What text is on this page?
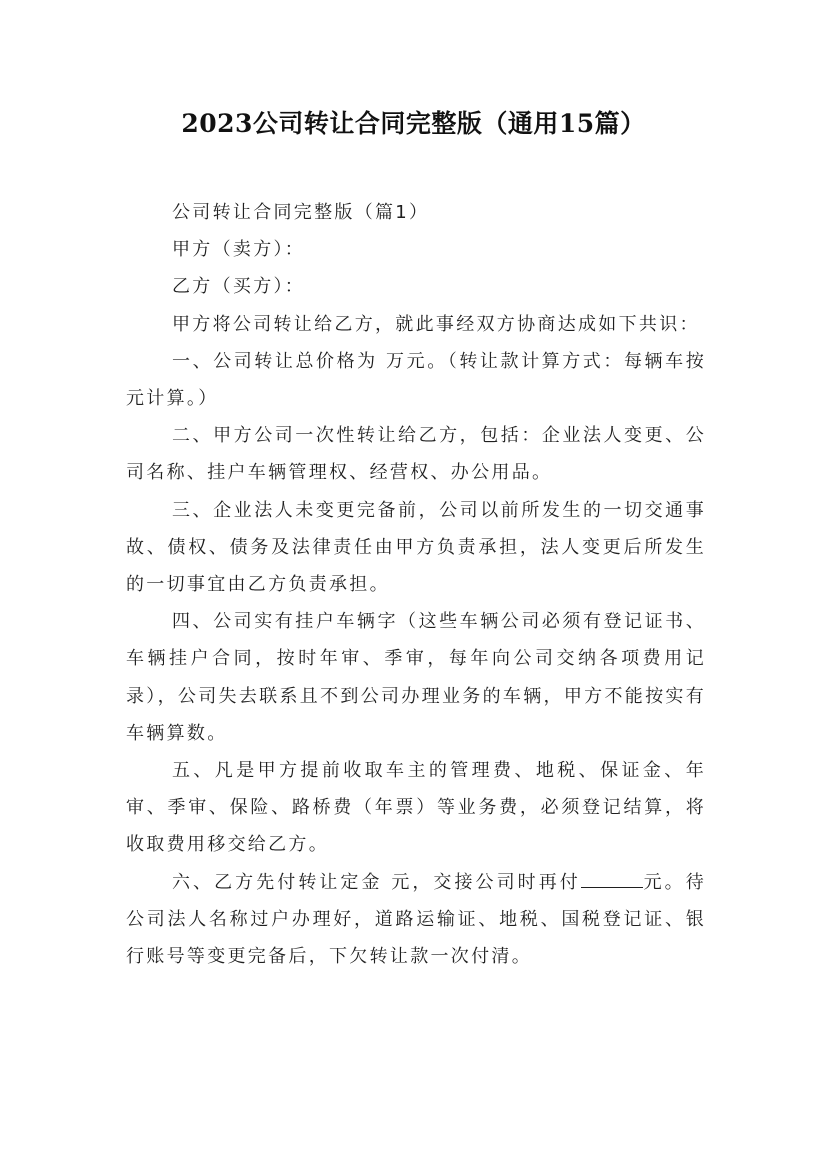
2023公司转让合同完整版（通用15篇）

公司转让合同完整版（篇1）

甲方（卖方）：

乙方（买方）：

甲方将公司转让给乙方，就此事经双方协商达成如下共识：

一、公司转让总价格为 万元。（转让款计算方式：每辆车按 元计算。）

二、甲方公司一次性转让给乙方，包括：企业法人变更、公司名称、挂户车辆管理权、经营权、办公用品。

三、企业法人未变更完备前，公司以前所发生的一切交通事故、债权、债务及法律责任由甲方负责承担，法人变更后所发生的一切事宜由乙方负责承担。

四、公司实有挂户车辆字（这些车辆公司必须有登记证书、车辆挂户合同，按时年审、季审，每年向公司交纳各项费用记录），公司失去联系且不到公司办理业务的车辆，甲方不能按实有车辆算数。

五、凡是甲方提前收取车主的管理费、地税、保证金、年审、季审、保险、路桥费（年票）等业务费，必须登记结算，将收取费用移交给乙方。

六、乙方先付转让定金 元，交接公司时再付	元。待公司法人名称过户办理好，道路运输证、地税、国税登记证、银行账号等变更完备后，下欠转让款一次付清。
